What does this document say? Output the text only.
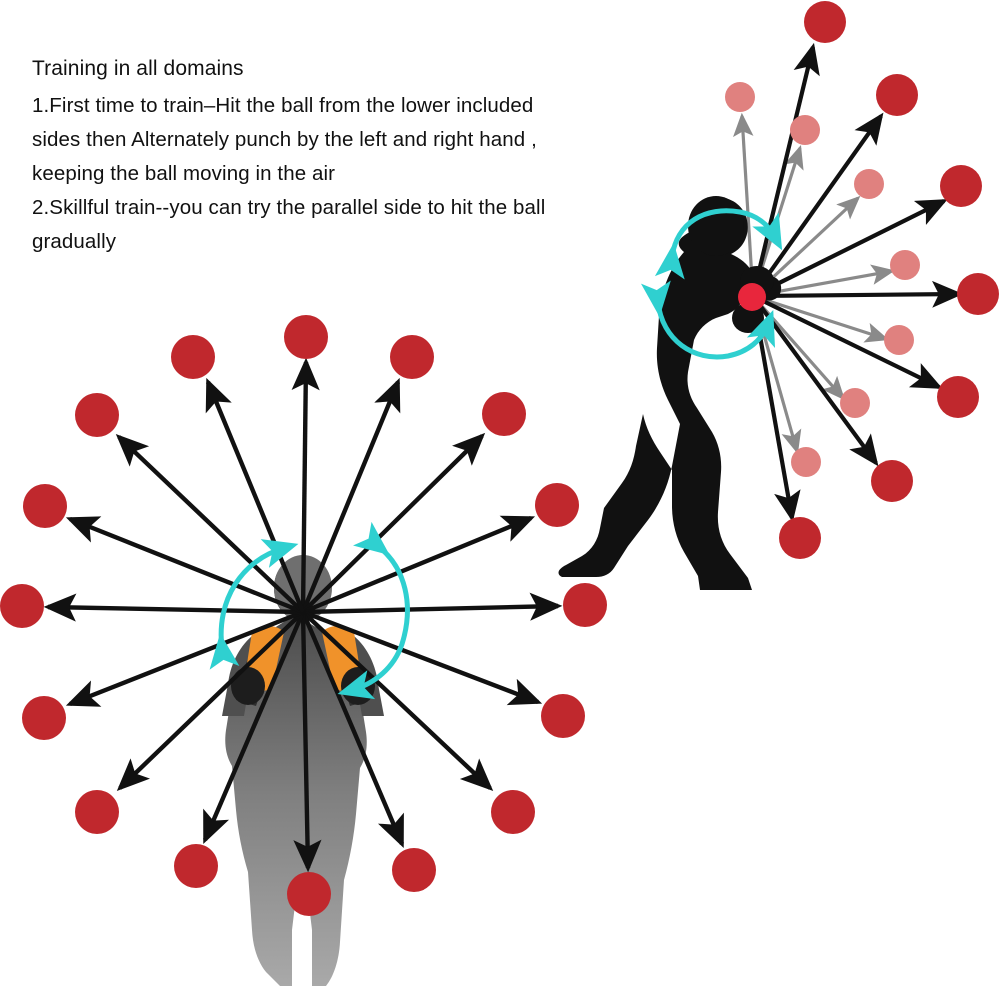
Training in all domains
1.First time to train–Hit the ball from the lower included
sides then Alternately punch by the left and right hand ,
keeping the ball moving in the air
2.Skillful train--you can try the parallel side to hit the ball
gradually
